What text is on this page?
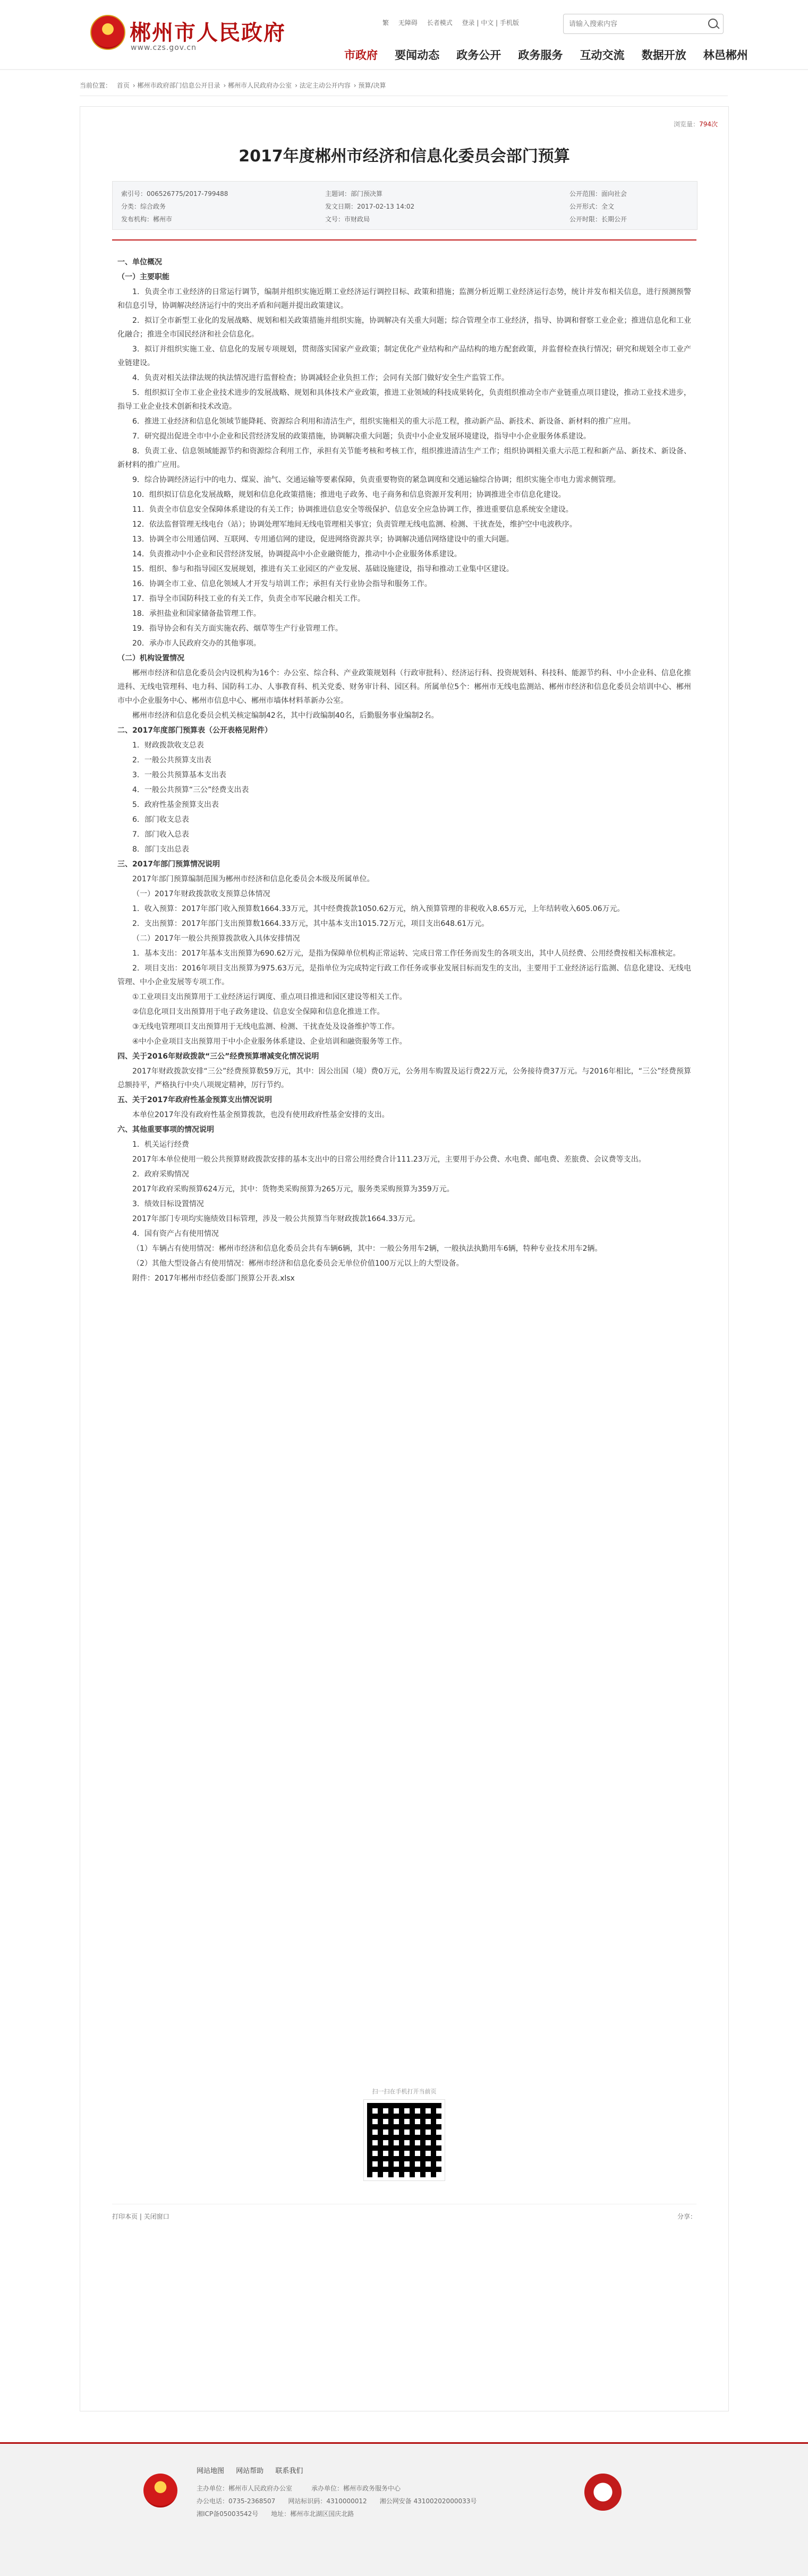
郴州市人民政府
www.czs.gov.cn
繁 无障碍 长者模式 登录 | 中文 | 手机版
请输入搜索内容
市政府 要闻动态 政务公开 政务服务 互动交流 数据开放 林邑郴州
当前位置： 首页 › 郴州市政府部门信息公开目录 › 郴州市人民政府办公室 › 法定主动公开内容 › 预算/决算
浏览量：794次
2017年度郴州市经济和信息化委员会部门预算
索引号：006526775/2017-799488
分类：综合政务
发布机构：郴州市
主题词：部门预决算
发文日期：2017-02-13 14:02
文号：市财政局
公开范围：面向社会
公开形式：全文
公开时限：长期公开

一、单位概况

（一）主要职能

1．负责全市工业经济的日常运行调节，编制并组织实施近期工业经济运行调控目标、政策和措施；监测分析近期工业经济运行态势，统计并发布相关信息，进行预测预警和信息引导，协调解决经济运行中的突出矛盾和问题并提出政策建议。

2．拟订全市新型工业化的发展战略、规划和相关政策措施并组织实施，协调解决有关重大问题；综合管理全市工业经济，指导、协调和督察工业企业；推进信息化和工业化融合；推进全市国民经济和社会信息化。

3．拟订并组织实施工业、信息化的发展专项规划，贯彻落实国家产业政策；制定优化产业结构和产品结构的地方配套政策，并监督检查执行情况；研究和规划全市工业产业链建设。

4．负责对相关法律法规的执法情况进行监督检查；协调减轻企业负担工作；会同有关部门做好安全生产监管工作。

5．组织拟订全市工业企业技术进步的发展战略、规划和具体技术产业政策，推进工业领域的科技成果转化，负责组织推动全市产业链重点项目建设，推动工业技术进步，指导工业企业技术创新和技术改造。

6．推进工业经济和信息化领域节能降耗、资源综合利用和清洁生产，组织实施相关的重大示范工程，推动新产品、新技术、新设备、新材料的推广应用。

7．研究提出促进全市中小企业和民营经济发展的政策措施，协调解决重大问题；负责中小企业发展环境建设，指导中小企业服务体系建设。

8．负责工业、信息领域能源节约和资源综合利用工作，承担有关节能考核和考核工作，组织推进清洁生产工作；组织协调相关重大示范工程和新产品、新技术、新设备、新材料的推广应用。

9．综合协调经济运行中的电力、煤炭、油气、交通运输等要素保障，负责重要物资的紧急调度和交通运输综合协调；组织实施全市电力需求侧管理。

10．组织拟订信息化发展战略，规划和信息化政策措施；推进电子政务、电子商务和信息资源开发利用；协调推进全市信息化建设。

11．负责全市信息安全保障体系建设的有关工作；协调推进信息安全等级保护、信息安全应急协调工作，推进重要信息系统安全建设。

12．依法监督管理无线电台（站）；协调处理军地间无线电管理相关事宜；负责管理无线电监测、检测、干扰查处，维护空中电波秩序。

13．协调全市公用通信网、互联网、专用通信网的建设，促进网络资源共享；协调解决通信网络建设中的重大问题。

14．负责推动中小企业和民营经济发展，协调提高中小企业融资能力，推动中小企业服务体系建设。

15．组织、参与和指导园区发展规划，推进有关工业园区的产业发展、基础设施建设，指导和推动工业集中区建设。

16．协调全市工业、信息化领域人才开发与培训工作；承担有关行业协会指导和服务工作。

17．指导全市国防科技工业的有关工作，负责全市军民融合相关工作。

18．承担盐业和国家储备盐管理工作。

19．指导协会和有关方面实施农药、烟草等生产行业管理工作。

20．承办市人民政府交办的其他事项。

（二）机构设置情况

郴州市经济和信息化委员会内设机构为16个：办公室、综合科、产业政策规划科（行政审批科）、经济运行科、投资规划科、科技科、能源节约科、中小企业科、信息化推进科、无线电管理科、电力科、国防科工办、人事教育科、机关党委、财务审计科、园区科。所属单位5个：郴州市无线电监测站、郴州市经济和信息化委员会培训中心、郴州市中小企业服务中心、郴州市信息中心、郴州市墙体材料革新办公室。

郴州市经济和信息化委员会机关核定编制42名，其中行政编制40名，后勤服务事业编制2名。

二、2017年度部门预算表（公开表格见附件）

1．财政拨款收支总表

2．一般公共预算支出表

3．一般公共预算基本支出表

4．一般公共预算“三公”经费支出表

5．政府性基金预算支出表

6．部门收支总表

7．部门收入总表

8．部门支出总表

三、2017年部门预算情况说明

2017年部门预算编制范围为郴州市经济和信息化委员会本级及所属单位。

（一）2017年财政拨款收支预算总体情况

1．收入预算：2017年部门收入预算数1664.33万元，其中经费拨款1050.62万元，纳入预算管理的非税收入8.65万元，上年结转收入605.06万元。

2．支出预算：2017年部门支出预算数1664.33万元，其中基本支出1015.72万元，项目支出648.61万元。

（二）2017年一般公共预算拨款收入具体安排情况

1．基本支出：2017年基本支出预算为690.62万元，是指为保障单位机构正常运转、完成日常工作任务而发生的各项支出，其中人员经费、公用经费按相关标准核定。

2．项目支出：2016年项目支出预算为975.63万元，是指单位为完成特定行政工作任务或事业发展目标而发生的支出，主要用于工业经济运行监测、信息化建设、无线电管理、中小企业发展等专项工作。

①工业项目支出预算用于工业经济运行调度、重点项目推进和园区建设等相关工作。

②信息化项目支出预算用于电子政务建设、信息安全保障和信息化推进工作。

③无线电管理项目支出预算用于无线电监测、检测、干扰查处及设备维护等工作。

④中小企业项目支出预算用于中小企业服务体系建设、企业培训和融资服务等工作。

四、关于2016年财政拨款“三公”经费预算增减变化情况说明

2017年财政拨款安排“三公”经费预算数59万元，其中：因公出国（境）费0万元，公务用车购置及运行费22万元，公务接待费37万元。与2016年相比，“三公”经费预算总额持平，严格执行中央八项规定精神，厉行节约。

五、关于2017年政府性基金预算支出情况说明

本单位2017年没有政府性基金预算拨款，也没有使用政府性基金安排的支出。

六、其他重要事项的情况说明

1．机关运行经费

2017年本单位使用一般公共预算财政拨款安排的基本支出中的日常公用经费合计111.23万元，主要用于办公费、水电费、邮电费、差旅费、会议费等支出。

2．政府采购情况

2017年政府采购预算624万元，其中：货物类采购预算为265万元，服务类采购预算为359万元。

3．绩效目标设置情况

2017年部门专项均实施绩效目标管理，涉及一般公共预算当年财政拨款1664.33万元。

4．国有资产占有使用情况

（1）车辆占有使用情况：郴州市经济和信息化委员会共有车辆6辆，其中：一般公务用车2辆，一般执法执勤用车6辆，特种专业技术用车2辆。

（2）其他大型设备占有使用情况：郴州市经济和信息化委员会无单位价值100万元以上的大型设备。

附件：2017年郴州市经信委部门预算公开表.xlsx

扫一扫在手机打开当前页
打印本页 | 关闭窗口	分享：
网站地图 网站帮助 联系我们
主办单位：郴州市人民政府办公室　　　承办单位：郴州市政务服务中心
办公电话：0735-2368507　　网站标识码：4310000012　　湘公网安备 43100202000033号
湘ICP备05003542号　　地址：郴州市北湖区国庆北路
